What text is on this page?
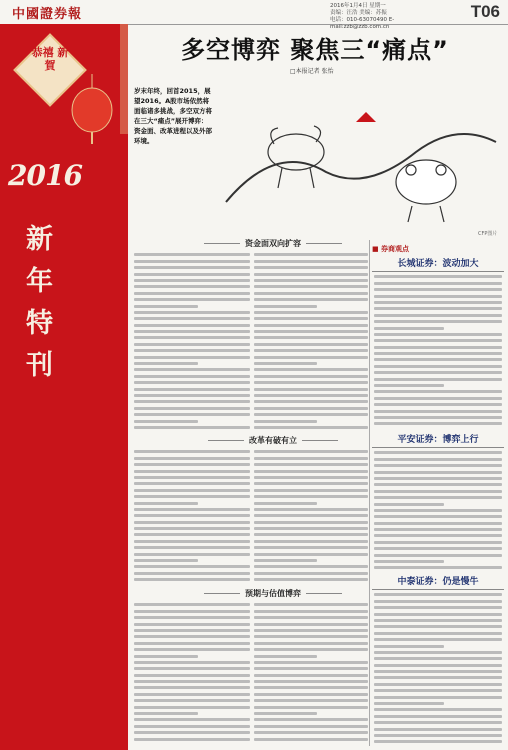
中國證券報
2016年1月4日 星期一
责编：汪浩 美编：苏振
电话：010-63070490 E-mail:zzb@zzb.com.cn
T06
恭禧 新賀
2016
新年特刊
多空博弈 聚焦三“痛点”
□本报记者 张怡
岁末年终，回首2015，展望2016。A股市场依然将面临诸多挑战，多空双方将在三大“痛点”展开博弈：资金面、改革进程以及外部环境。
CFP图片
资金面双向扩容
改革有破有立
预期与估值博弈
■ 券商观点
长城证券：波动加大
平安证券：博弈上行
中泰证券：仍是慢牛
